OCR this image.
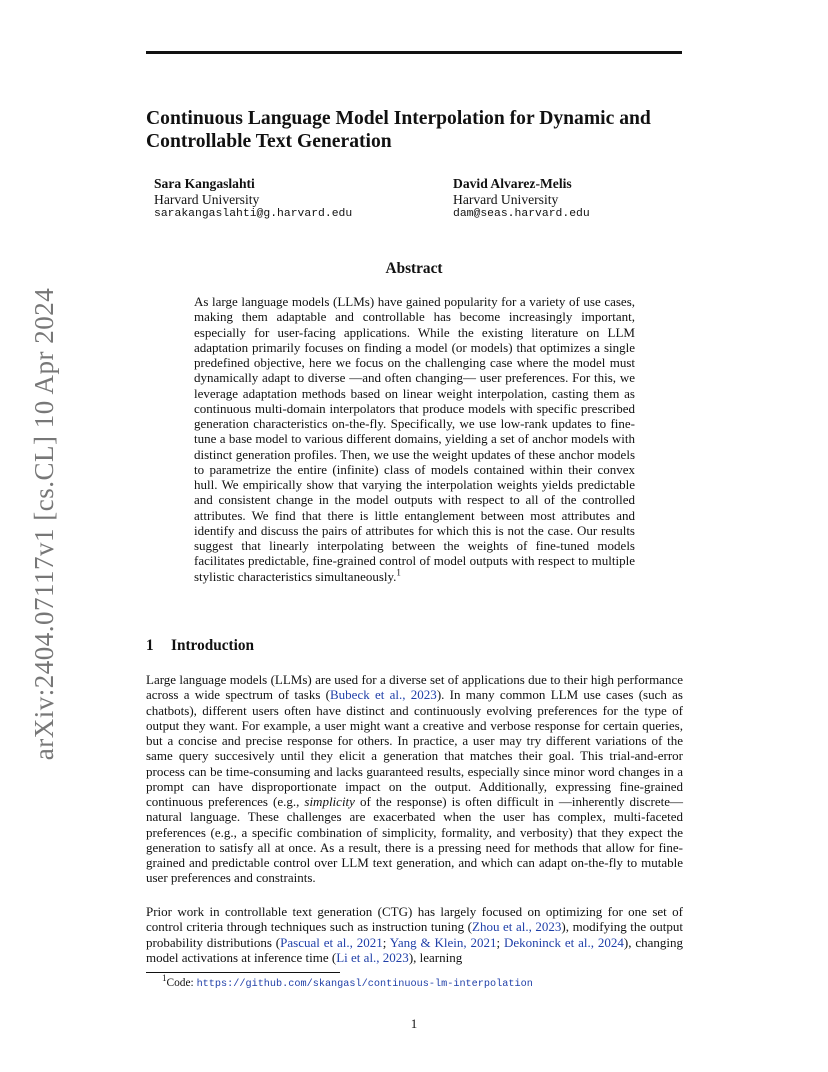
arXiv:2404.07117v1 [cs.CL] 10 Apr 2024
Continuous Language Model Interpolation for Dynamic and Controllable Text Generation
Sara Kangaslahti
Harvard University
sarakangaslahti@g.harvard.edu
David Alvarez-Melis
Harvard University
dam@seas.harvard.edu
Abstract

As large language models (LLMs) have gained popularity for a variety of use cases, making them adaptable and controllable has become increasingly important, especially for user-facing applications. While the existing literature on LLM adaptation primarily focuses on finding a model (or models) that optimizes a single predefined objective, here we focus on the challenging case where the model must dynamically adapt to diverse —and often changing— user preferences. For this, we leverage adaptation methods based on linear weight interpolation, casting them as continuous multi-domain interpolators that produce models with specific prescribed generation characteristics on-the-fly. Specifically, we use low-rank updates to fine-tune a base model to various different domains, yielding a set of anchor models with distinct generation profiles. Then, we use the weight updates of these anchor models to parametrize the entire (infinite) class of models contained within their convex hull. We empirically show that varying the interpolation weights yields predictable and consistent change in the model outputs with respect to all of the controlled attributes. We find that there is little entanglement between most attributes and identify and discuss the pairs of attributes for which this is not the case. Our results suggest that linearly interpolating between the weights of fine-tuned models facilitates predictable, fine-grained control of model outputs with respect to multiple stylistic characteristics simultaneously.$^1$

1 Introduction

Large language models (LLMs) are used for a diverse set of applications due to their high performance across a wide spectrum of tasks (Bubeck et al., 2023). In many common LLM use cases (such as chatbots), different users often have distinct and continuously evolving preferences for the type of output they want. For example, a user might want a creative and verbose response for certain queries, but a concise and precise response for others. In practice, a user may try different variations of the same query succesively until they elicit a generation that matches their goal. This trial-and-error process can be time-consuming and lacks guaranteed results, especially since minor word changes in a prompt can have disproportionate impact on the output. Additionally, expressing fine-grained continuous preferences (e.g., simplicity of the response) is often difficult in —inherently discrete— natural language. These challenges are exacerbated when the user has complex, multi-faceted preferences (e.g., a specific combination of simplicity, formality, and verbosity) that they expect the generation to satisfy all at once. As a result, there is a pressing need for methods that allow for fine-grained and predictable control over LLM text generation, and which can adapt on-the-fly to mutable user preferences and constraints.

Prior work in controllable text generation (CTG) has largely focused on optimizing for one set of control criteria through techniques such as instruction tuning (Zhou et al., 2023), modifying the output probability distributions (Pascual et al., 2021; Yang & Klein, 2021; Dekoninck et al., 2024), changing model activations at inference time (Li et al., 2023), learning

$^1$Code: https://github.com/skangasl/continuous-lm-interpolation
1
